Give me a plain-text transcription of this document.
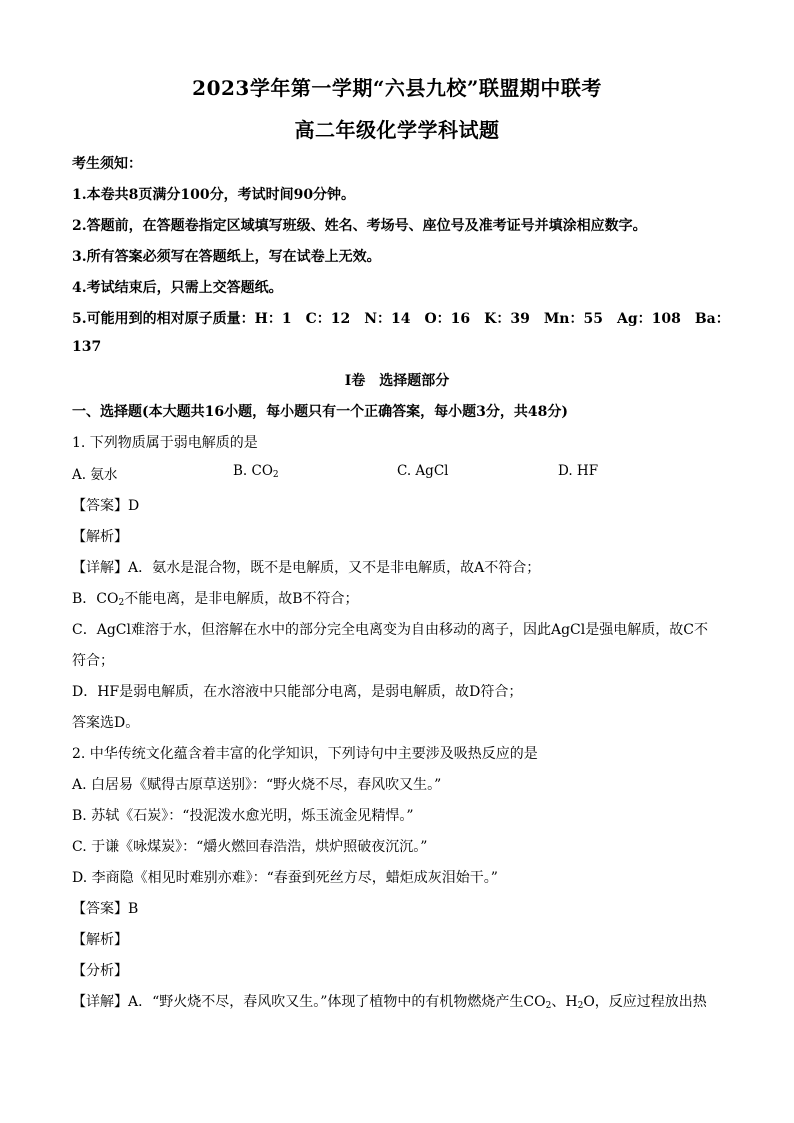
2023学年第一学期“六县九校”联盟期中联考
高二年级化学学科试题
考生须知：
1.本卷共8页满分100分，考试时间90分钟。
2.答题前，在答题卷指定区域填写班级、姓名、考场号、座位号及准考证号并填涂相应数字。
3.所有答案必须写在答题纸上，写在试卷上无效。
4.考试结束后，只需上交答题纸。
5.可能用到的相对原子质量：H：1　C：12　N：14　O：16　K：39　Mn：55　Ag：108　Ba：
137
Ⅰ卷　选择题部分
一、选择题(本大题共16小题，每小题只有一个正确答案，每小题3分，共48分)
1. 下列物质属于弱电解质的是
A. 氨水	B. $CO_2$	C. AgCl	D. HF
【答案】D
【解析】
【详解】A．氨水是混合物，既不是电解质，又不是非电解质，故A不符合；
B．$CO_2$不能电离，是非电解质，故B不符合；
C．AgCl难溶于水，但溶解在水中的部分完全电离变为自由移动的离子，因此AgCl是强电解质，故C不
符合；
D．HF是弱电解质，在水溶液中只能部分电离，是弱电解质，故D符合；
答案选D。
2. 中华传统文化蕴含着丰富的化学知识，下列诗句中主要涉及吸热反应的是
A. 白居易《赋得古原草送别》：“野火烧不尽，春风吹又生。”
B. 苏轼《石炭》：“投泥泼水愈光明，烁玉流金见精悍。”
C. 于谦《咏煤炭》：“爝火燃回春浩浩，烘炉照破夜沉沉。”
D. 李商隐《相见时难别亦难》：“春蚕到死丝方尽，蜡炬成灰泪始干。”
【答案】B
【解析】
【分析】
【详解】A．“野火烧不尽，春风吹又生。”体现了植物中的有机物燃烧产生$CO_2$、$H_2O$，反应过程放出热
